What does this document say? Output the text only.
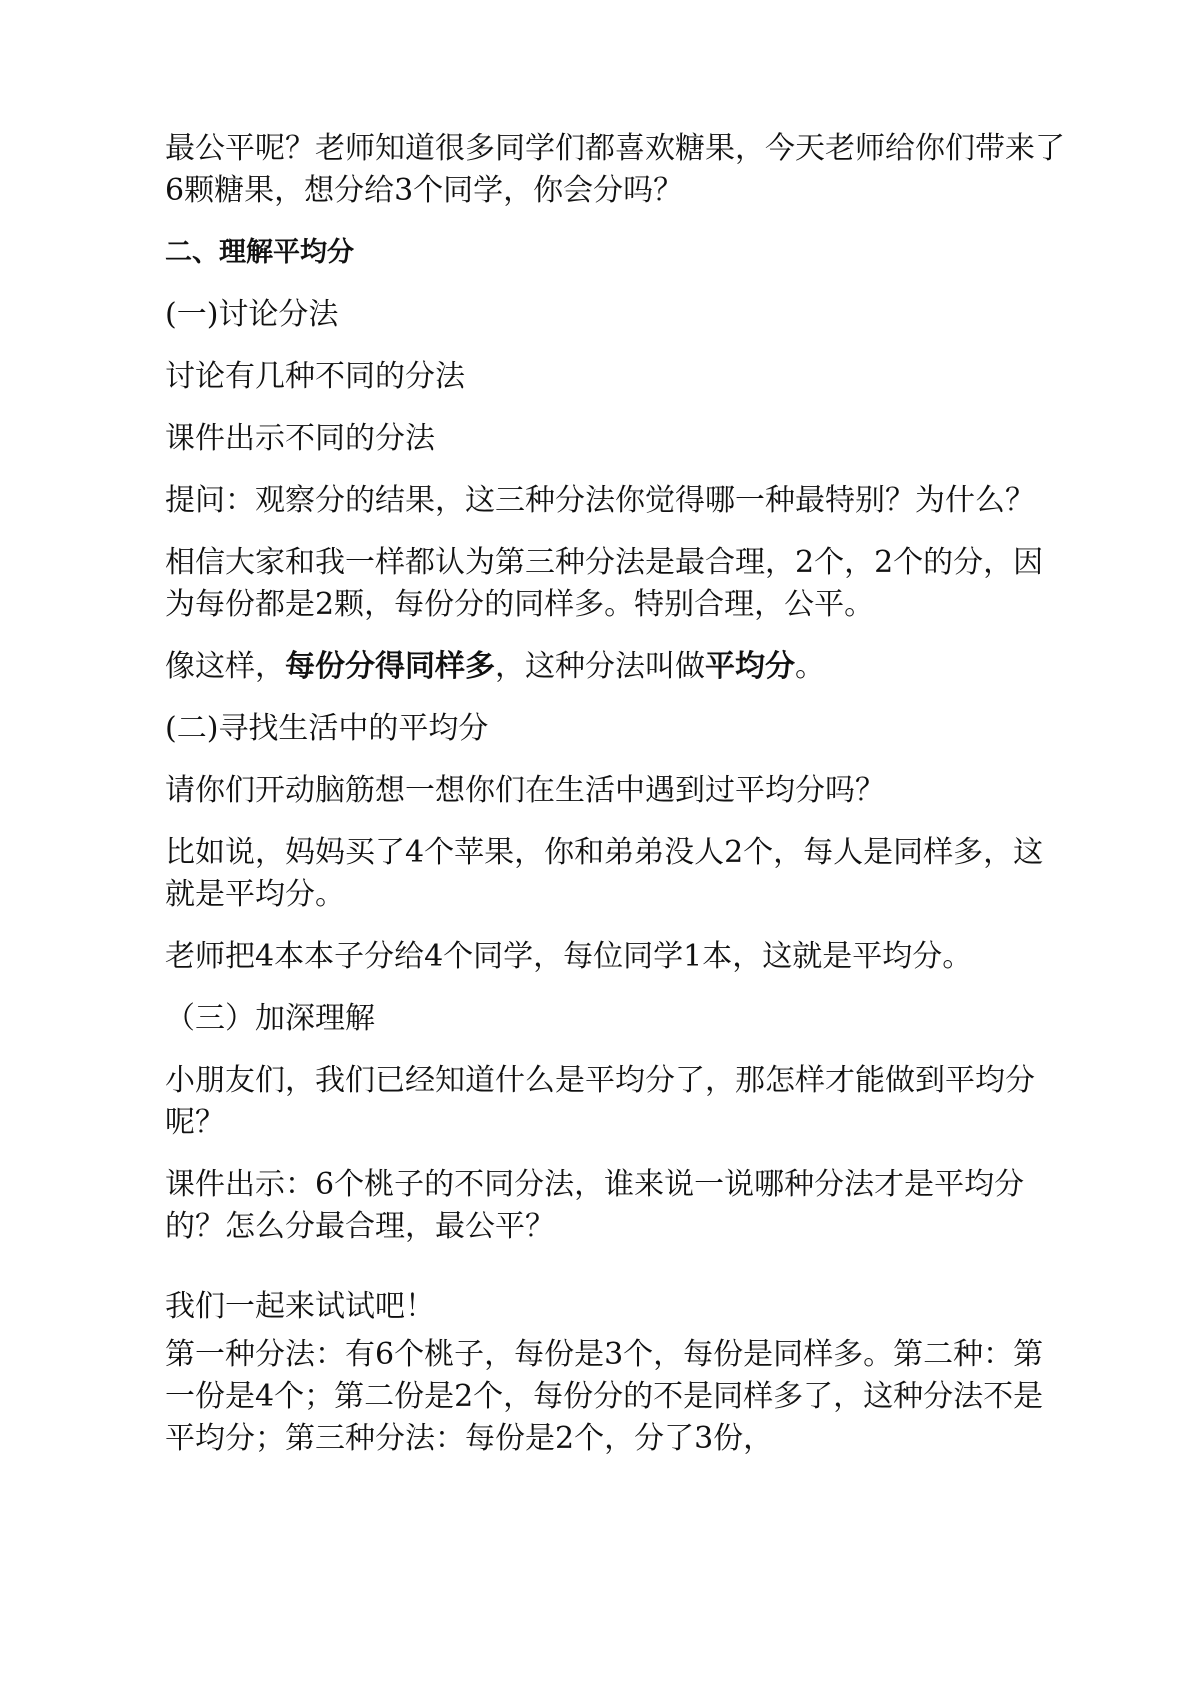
最公平呢？老师知道很多同学们都喜欢糖果，今天老师给你们带来了6颗糖果，想分给3个同学，你会分吗？

二、理解平均分

(一)讨论分法

讨论有几种不同的分法

课件出示不同的分法

提问：观察分的结果，这三种分法你觉得哪一种最特别？为什么？

相信大家和我一样都认为第三种分法是最合理，2个，2个的分，因为每份都是2颗，每份分的同样多。特别合理，公平。

像这样，每份分得同样多，这种分法叫做平均分。

(二)寻找生活中的平均分

请你们开动脑筋想一想你们在生活中遇到过平均分吗？

比如说，妈妈买了4个苹果，你和弟弟没人2个，每人是同样多，这就是平均分。

老师把4本本子分给4个同学，每位同学1本，这就是平均分。

（三）加深理解

小朋友们，我们已经知道什么是平均分了，那怎样才能做到平均分呢？

课件出示：6个桃子的不同分法，谁来说一说哪种分法才是平均分的？怎么分最合理，最公平？

我们一起来试试吧！

第一种分法：有6个桃子，每份是3个，每份是同样多。第二种：第一份是4个；第二份是2个，每份分的不是同样多了，这种分法不是平均分；第三种分法：每份是2个，分了3份，
